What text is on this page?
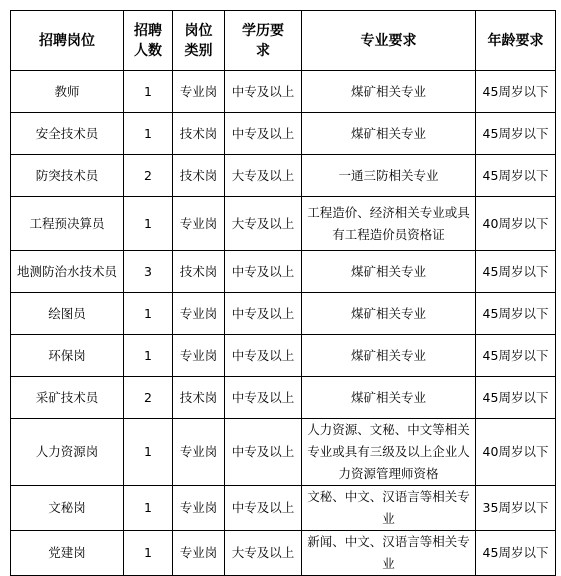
招聘岗位	招聘人数	岗位类别	学历要求	专业要求	年龄要求
教师	1	专业岗	中专及以上	煤矿相关专业	45周岁以下
安全技术员	1	技术岗	中专及以上	煤矿相关专业	45周岁以下
防突技术员	2	技术岗	大专及以上	一通三防相关专业	45周岁以下
工程预决算员	1	专业岗	大专及以上	工程造价、经济相关专业或具有工程造价员资格证	40周岁以下
地测防治水技术员	3	技术岗	中专及以上	煤矿相关专业	45周岁以下
绘图员	1	专业岗	中专及以上	煤矿相关专业	45周岁以下
环保岗	1	专业岗	中专及以上	煤矿相关专业	45周岁以下
采矿技术员	2	技术岗	中专及以上	煤矿相关专业	45周岁以下
人力资源岗	1	专业岗	中专及以上	人力资源、文秘、中文等相关专业或具有三级及以上企业人力资源管理师资格	40周岁以下
文秘岗	1	专业岗	中专及以上	文秘、中文、汉语言等相关专业	35周岁以下
党建岗	1	专业岗	大专及以上	新闻、中文、汉语言等相关专业	45周岁以下
